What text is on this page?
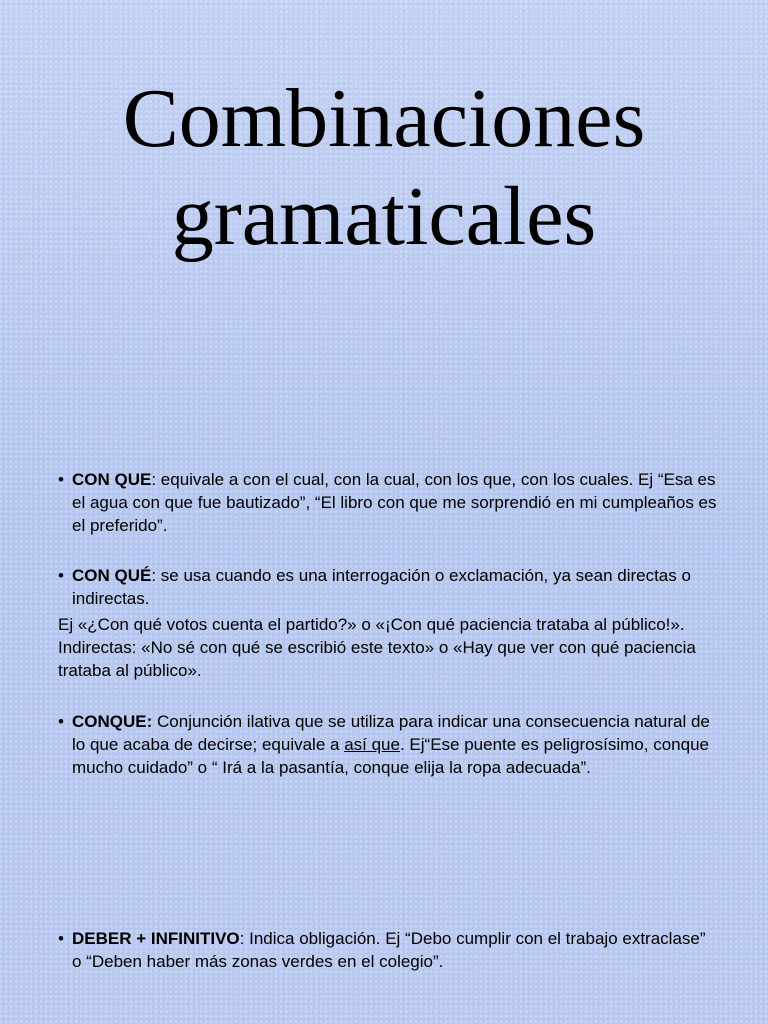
Combinaciones
gramaticales
• CON QUE: equivale a con el cual, con la cual, con los que, con los cuales. Ej “Esa es el agua con que fue bautizado”, “El libro con que me sorprendió en mi cumpleaños es el preferido”.
• CON QUÉ: se usa cuando es una interrogación o exclamación, ya sean directas o indirectas.
Ej «¿Con qué votos cuenta el partido?» o «¡Con qué paciencia trataba al público!». Indirectas: «No sé con qué se escribió este texto» o «Hay que ver con qué paciencia trataba al público».
• CONQUE: Conjunción ilativa que se utiliza para indicar una consecuencia natural de lo que acaba de decirse; equivale a así que. Ej“Ese puente es peligrosísimo, conque mucho cuidado” o “ Irá a la pasantía, conque elija la ropa adecuada”.
• DEBER + INFINITIVO: Indica obligación. Ej “Debo cumplir con el trabajo extraclase” o “Deben haber más zonas verdes en el colegio”.
